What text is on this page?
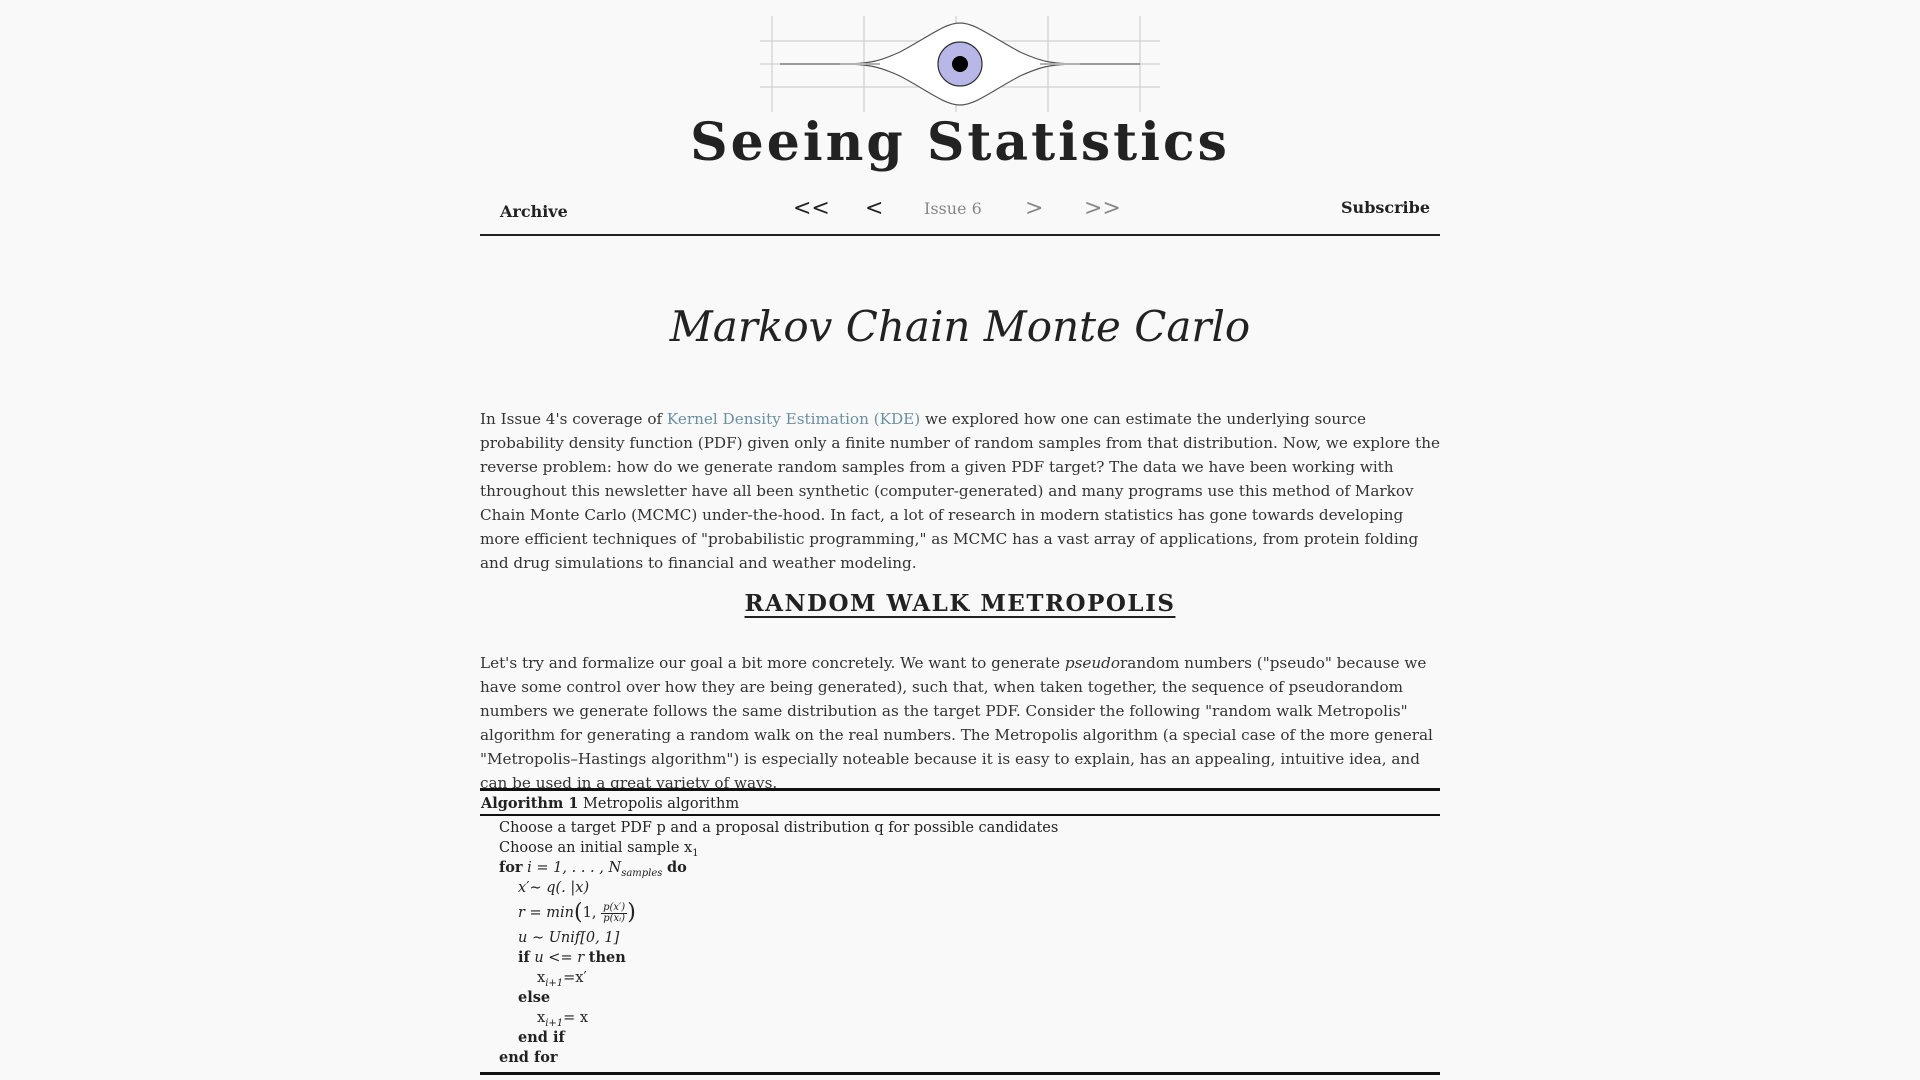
Seeing Statistics
Archive	<< <	Issue 6 > >>	Subscribe
Markov Chain Monte Carlo

In Issue 4's coverage of Kernel Density Estimation (KDE) we explored how one can estimate the underlying source probability density function (PDF) given only a finite number of random samples from that distribution. Now, we explore the reverse problem: how do we generate random samples from a given PDF target? The data we have been working with throughout this newsletter have all been synthetic (computer-generated) and many programs use this method of Markov Chain Monte Carlo (MCMC) under-the-hood. In fact, a lot of research in modern statistics has gone towards developing more efficient techniques of "probabilistic programming," as MCMC has a vast array of applications, from protein folding and drug simulations to financial and weather modeling.

RANDOM WALK METROPOLIS

Let's try and formalize our goal a bit more concretely. We want to generate pseudorandom numbers ("pseudo" because we have some control over how they are being generated), such that, when taken together, the sequence of pseudorandom numbers we generate follows the same distribution as the target PDF. Consider the following "random walk Metropolis" algorithm for generating a random walk on the real numbers. The Metropolis algorithm (a special case of the more general "Metropolis–Hastings algorithm") is especially noteable because it is easy to explain, has an appealing, intuitive idea, and can be used in a great variety of ways.

Algorithm 1 Metropolis algorithm
Choose a target PDF p and a proposal distribution q for possible candidates
Choose an initial sample $x_1$
for i = 1, . . . , $N_{samples}$ do
x′∼ q(. |x)
r = min(1, $\frac{p(x')}{\text{p(xᵢ)}}$ )
u ∼ Unif[0, 1]
if u <= r then
$x_{i+1}=x'$
else
$x_{i+1}= x$
end if
end for
